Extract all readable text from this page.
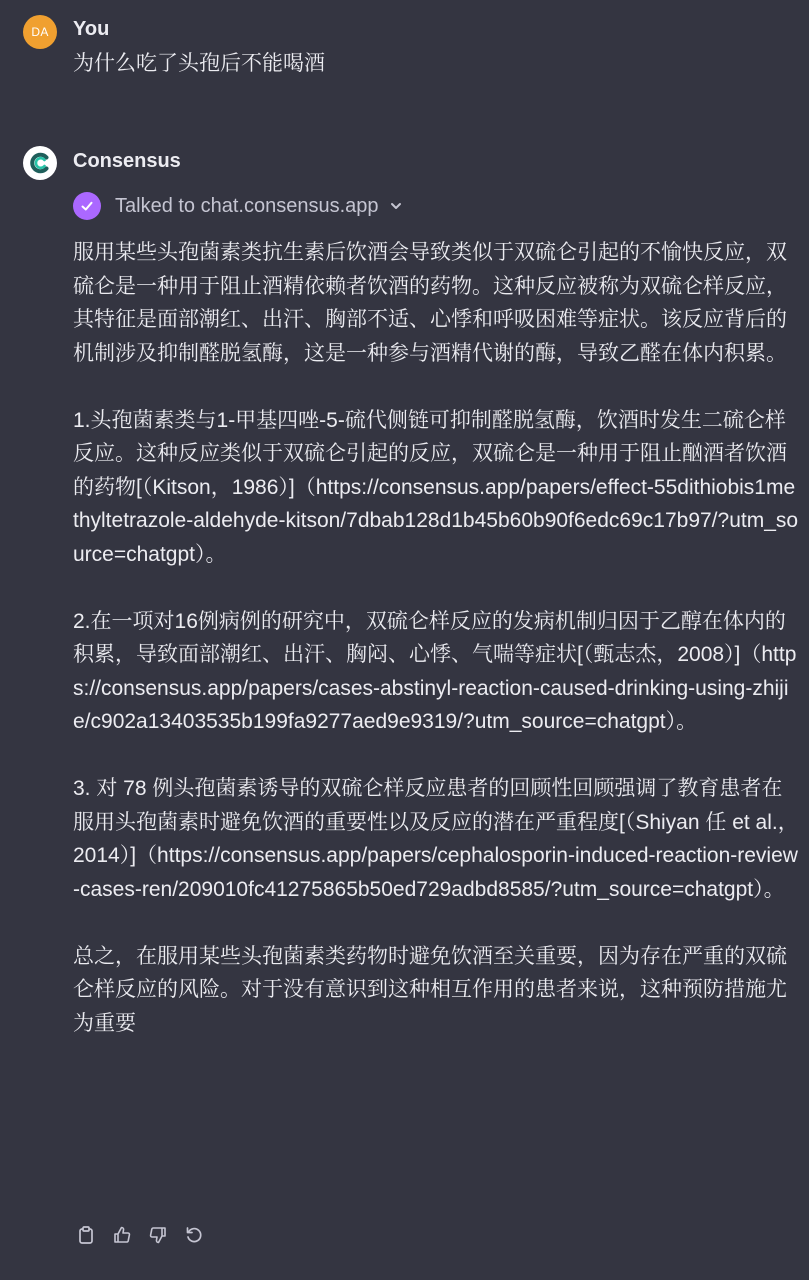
DA You
为什么吃了头孢后不能喝酒
Consensus
Talked to chat.consensus.app

服用某些头孢菌素类抗生素后饮酒会导致类似于双硫仑引起的不愉快反应，双硫仑是一种用于阻止酒精依赖者饮酒的药物。这种反应被称为双硫仑样反应，其特征是面部潮红、出汗、胸部不适、心悸和呼吸困难等症状。该反应背后的机制涉及抑制醛脱氢酶，这是一种参与酒精代谢的酶，导致乙醛在体内积累。

1.头孢菌素类与1-甲基四唑-5-硫代侧链可抑制醛脱氢酶，饮酒时发生二硫仑样反应。这种反应类似于双硫仑引起的反应，双硫仑是一种用于阻止酗酒者饮酒的药物[（Kitson，1986）]（https://consensus.app/papers/effect-55dithiobis1methyltetrazole-aldehyde-kitson/7dbab128d1b45b60b90f6edc69c17b97/?utm_source=chatgpt）。

2.在一项对16例病例的研究中，双硫仑样反应的发病机制归因于乙醇在体内的积累，导致面部潮红、出汗、胸闷、心悸、气喘等症状[（甄志杰，2008）]（https://consensus.app/papers/cases-abstinyl-reaction-caused-drinking-using-zhijie/c902a13403535b199fa9277aed9e9319/?utm_source=chatgpt）。

3. 对 78 例头孢菌素诱导的双硫仑样反应患者的回顾性回顾强调了教育患者在服用头孢菌素时避免饮酒的重要性以及反应的潜在严重程度[（Shiyan 任 et al.， 2014）]（https://consensus.app/papers/cephalosporin-induced-reaction-review-cases-ren/209010fc41275865b50ed729adbd8585/?utm_source=chatgpt）。

总之，在服用某些头孢菌素类药物时避免饮酒至关重要，因为存在严重的双硫仑样反应的风险。对于没有意识到这种相互作用的患者来说，这种预防措施尤为重要
